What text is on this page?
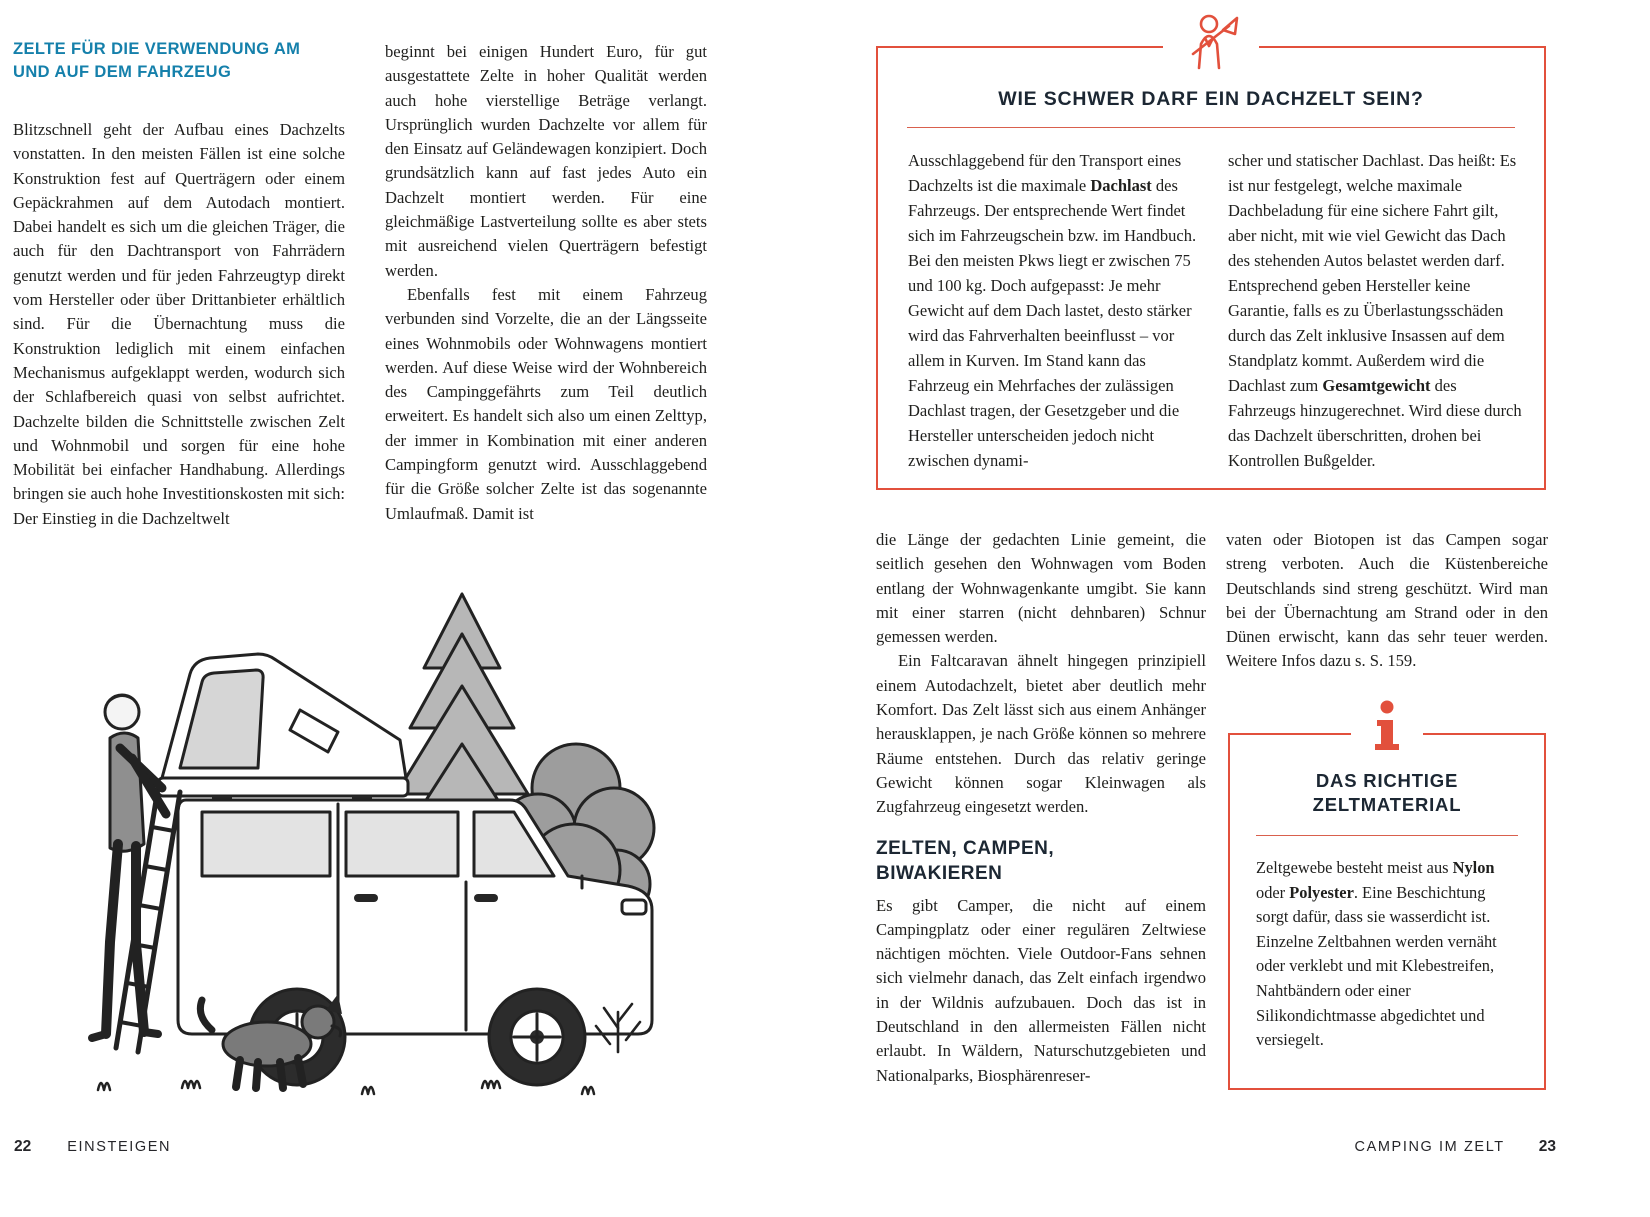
ZELTE FÜR DIE VERWENDUNG AM
UND AUF DEM FAHRZEUG

Blitzschnell geht der Aufbau eines Dachzelts vonstatten. In den meisten Fällen ist eine solche Konstruktion fest auf Querträgern oder einem Gepäckrahmen auf dem Autodach montiert. Dabei handelt es sich um die gleichen Träger, die auch für den Dachtransport von Fahrrädern genutzt werden und für jeden Fahrzeugtyp direkt vom Hersteller oder über Drittanbieter erhältlich sind. Für die Übernachtung muss die Konstruktion lediglich mit einem einfachen Mechanismus aufgeklappt werden, wodurch sich der Schlafbereich quasi von selbst aufrichtet. Dachzelte bilden die Schnittstelle zwischen Zelt und Wohnmobil und sorgen für eine hohe Mobilität bei einfacher Handhabung. Allerdings bringen sie auch hohe Investitionskosten mit sich: Der Einstieg in die Dachzeltwelt

beginnt bei einigen Hundert Euro, für gut ausgestattete Zelte in hoher Qualität werden auch hohe vierstellige Beträge verlangt. Ursprünglich wurden Dachzelte vor allem für den Einsatz auf Geländewagen konzipiert. Doch grundsätzlich kann auf fast jedes Auto ein Dachzelt montiert werden. Für eine gleichmäßige Lastverteilung sollte es aber stets mit ausreichend vielen Querträgern befestigt werden.

Ebenfalls fest mit einem Fahrzeug verbunden sind Vorzelte, die an der Längsseite eines Wohnmobils oder Wohnwagens montiert werden. Auf diese Weise wird der Wohnbereich des Campinggefährts zum Teil deutlich erweitert. Es handelt sich also um einen Zelttyp, der immer in Kombination mit einer anderen Campingform genutzt wird. Ausschlaggebend für die Größe solcher Zelte ist das sogenannte Umlaufmaß. Damit ist

22 EINSTEIGEN
WIE SCHWER DARF EIN DACHZELT SEIN?

Ausschlaggebend für den Transport eines Dachzelts ist die maximale Dachlast des Fahrzeugs. Der entsprechende Wert findet sich im Fahrzeugschein bzw. im Handbuch. Bei den meisten Pkws liegt er zwischen 75 und 100 kg. Doch aufgepasst: Je mehr Gewicht auf dem Dach lastet, desto stärker wird das Fahrverhalten beeinflusst – vor allem in Kurven. Im Stand kann das Fahrzeug ein Mehrfaches der zulässigen Dachlast tragen, der Gesetzgeber und die Hersteller unterscheiden jedoch nicht zwischen dynami-

scher und statischer Dachlast. Das heißt: Es ist nur festgelegt, welche maximale Dachbeladung für eine sichere Fahrt gilt, aber nicht, mit wie viel Gewicht das Dach des stehenden Autos belastet werden darf. Entsprechend geben Hersteller keine Garantie, falls es zu Überlastungsschäden durch das Zelt inklusive Insassen auf dem Standplatz kommt. Außerdem wird die Dachlast zum Gesamtgewicht des Fahrzeugs hinzugerechnet. Wird diese durch das Dachzelt überschritten, drohen bei Kontrollen Bußgelder.

die Länge der gedachten Linie gemeint, die seitlich gesehen den Wohnwagen vom Boden entlang der Wohnwagenkante umgibt. Sie kann mit einer starren (nicht dehnbaren) Schnur gemessen werden.

Ein Faltcaravan ähnelt hingegen prinzipiell einem Autodachzelt, bietet aber deutlich mehr Komfort. Das Zelt lässt sich aus einem Anhänger herausklappen, je nach Größe können so mehrere Räume entstehen. Durch das relativ geringe Gewicht können sogar Kleinwagen als Zugfahrzeug eingesetzt werden.

ZELTEN, CAMPEN,
BIWAKIEREN

Es gibt Camper, die nicht auf einem Campingplatz oder einer regulären Zeltwiese nächtigen möchten. Viele Outdoor-Fans sehnen sich vielmehr danach, das Zelt einfach irgendwo in der Wildnis aufzubauen. Doch das ist in Deutschland in den allermeisten Fällen nicht erlaubt. In Wäldern, Naturschutzgebieten und Nationalparks, Biosphärenreser-

vaten oder Biotopen ist das Campen sogar streng verboten. Auch die Küstenbereiche Deutschlands sind streng geschützt. Wird man bei der Übernachtung am Strand oder in den Dünen erwischt, kann das sehr teuer werden. Weitere Infos dazu s. S. 159.

DAS RICHTIGE
ZELTMATERIAL

Zeltgewebe besteht meist aus Nylon oder Polyester. Eine Beschichtung sorgt dafür, dass sie wasserdicht ist. Einzelne Zeltbahnen werden vernäht oder verklebt und mit Klebestreifen, Nahtbändern oder einer Silikondichtmasse abgedichtet und versiegelt.

CAMPING IM ZELT 23
